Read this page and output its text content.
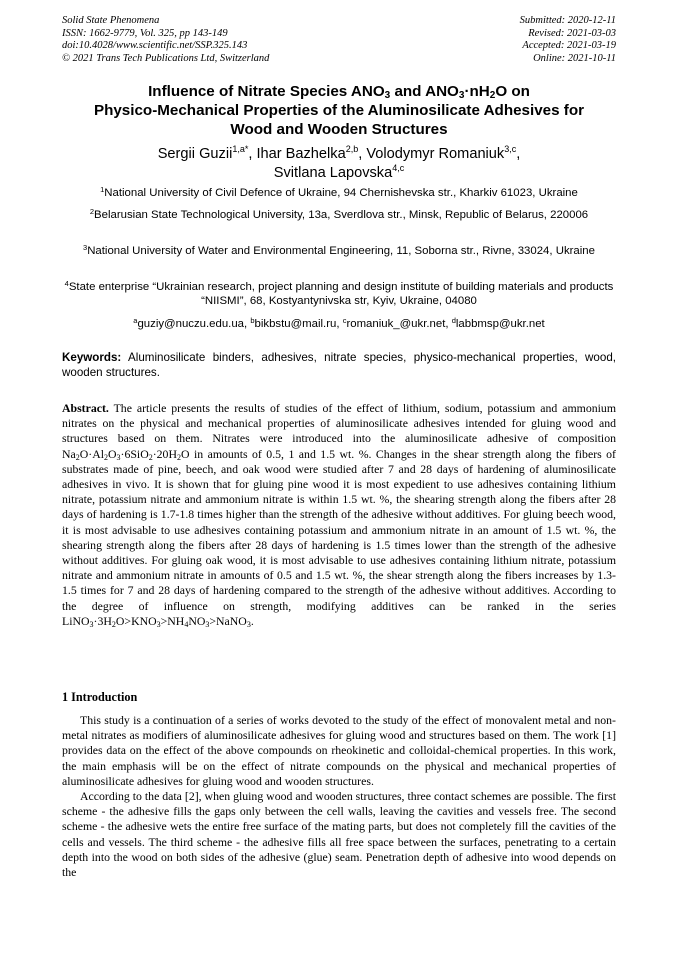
Solid State Phenomena
ISSN: 1662-9779, Vol. 325, pp 143-149
doi:10.4028/www.scientific.net/SSP.325.143
© 2021 Trans Tech Publications Ltd, Switzerland
Submitted: 2020-12-11
Revised: 2021-03-03
Accepted: 2021-03-19
Online: 2021-10-11
Influence of Nitrate Species $ANO_3$ and $ANO_3\cdot nH_2O$ on
Physico-Mechanical Properties of the Aluminosilicate Adhesives for
Wood and Wooden Structures
Sergii Guzii$^{1,a*}$, Ihar Bazhelka$^{2,b}$, Volodymyr Romaniuk$^{3,c}$,
Svitlana Lapovska$^{4,c}$
$^1$National University of Civil Defence of Ukraine, 94 Chernishevska str., Kharkiv 61023, Ukraine
$^2$Belarusian State Technological University, 13a, Sverdlova str., Minsk, Republic of Belarus, 220006
$^3$National University of Water and Environmental Engineering, 11, Soborna str., Rivne, 33024, Ukraine
$^4$State enterprise “Ukrainian research, project planning and design institute of building materials and products “NIISMI”, 68, Kostyantynivska str, Kyiv, Ukraine, 04080
$^a$guziy@nuczu.edu.ua, $^b$bikbstu@mail.ru, $^c$romaniuk_@ukr.net, $^d$labbmsp@ukr.net
Keywords: Aluminosilicate binders, adhesives, nitrate species, physico-mechanical properties, wood, wooden structures.
Abstract. The article presents the results of studies of the effect of lithium, sodium, potassium and ammonium nitrates on the physical and mechanical properties of aluminosilicate adhesives intended for gluing wood and structures based on them. Nitrates were introduced into the aluminosilicate adhesive of composition $Na_2O\cdot Al_2O_3\cdot 6SiO_2\cdot 20H_2O$ in amounts of 0.5, 1 and 1.5 wt. %. Changes in the shear strength along the fibers of substrates made of pine, beech, and oak wood were studied after 7 and 28 days of hardening of aluminosilicate adhesives in vivo. It is shown that for gluing pine wood it is most expedient to use adhesives containing lithium nitrate, potassium nitrate and ammonium nitrate is within 1.5 wt. %, the shearing strength along the fibers after 28 days of hardening is 1.7-1.8 times higher than the strength of the adhesive without additives. For gluing beech wood, it is most advisable to use adhesives containing potassium and ammonium nitrate in an amount of 1.5 wt. %, the shearing strength along the fibers after 28 days of hardening is 1.5 times lower than the strength of the adhesive without additives. For gluing oak wood, it is most advisable to use adhesives containing lithium nitrate, potassium nitrate and ammonium nitrate in amounts of 0.5 and 1.5 wt. %, the shear strength along the fibers increases by 1.3-1.5 times for 7 and 28 days of hardening compared to the strength of the adhesive without additives. According to the degree of influence on strength, modifying additives can be ranked in the series $LiNO_3\cdot 3H_2O>KNO_3>NH_4NO_3>NaNO_3$.
1 Introduction

This study is a continuation of a series of works devoted to the study of the effect of monovalent metal and non-metal nitrates as modifiers of aluminosilicate adhesives for gluing wood and structures based on them. The work [1] provides data on the effect of the above compounds on rheokinetic and colloidal-chemical properties. In this work, the main emphasis will be on the effect of nitrate compounds on the physical and mechanical properties of aluminosilicate adhesives for gluing wood and wooden structures.

According to the data [2], when gluing wood and wooden structures, three contact schemes are possible. The first scheme - the adhesive fills the gaps only between the cell walls, leaving the cavities and vessels free. The second scheme - the adhesive wets the entire free surface of the mating parts, but does not completely fill the cavities of the cells and vessels. The third scheme - the adhesive fills all free space between the surfaces, penetrating to a certain depth into the wood on both sides of the adhesive (glue) seam. Penetration depth of adhesive into wood depends on the
